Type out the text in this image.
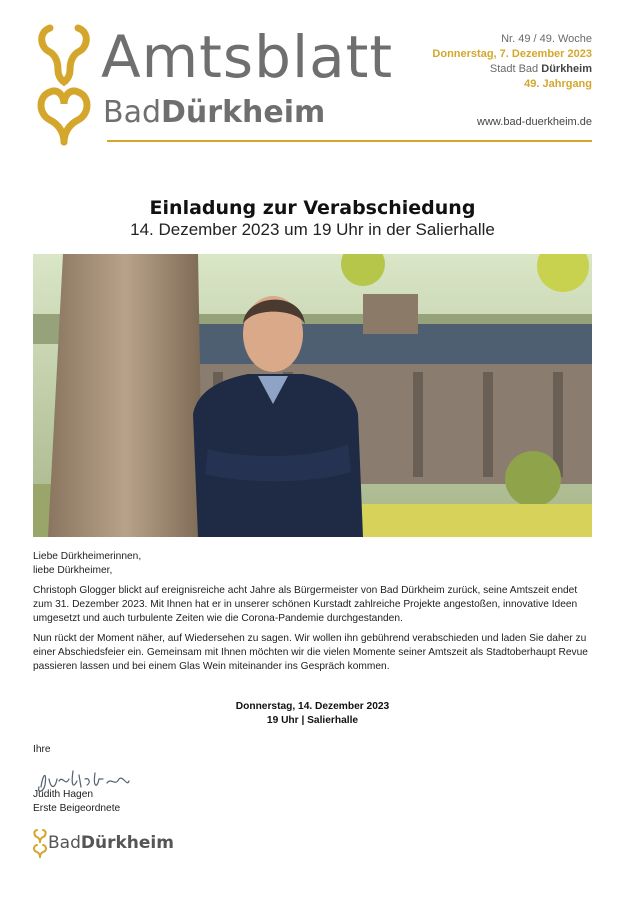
Amtsblatt
BadDürkheim
Nr. 49 / 49. Woche
Donnerstag, 7. Dezember 2023
Stadt Bad Dürkheim
49. Jahrgang
www.bad-duerkheim.de
Einladung zur Verabschiedung
14. Dezember 2023 um 19 Uhr in der Salierhalle

Liebe Dürkheimerinnen,
liebe Dürkheimer,

Christoph Glogger blickt auf ereignisreiche acht Jahre als Bürgermeister von Bad Dürkheim zurück, seine Amtszeit endet zum 31. Dezember 2023. Mit Ihnen hat er in unserer schönen Kurstadt zahlreiche Projekte angestoßen, innovative Ideen umgesetzt und auch turbulente Zeiten wie die Corona-Pandemie durchgestanden.

Nun rückt der Moment näher, auf Wiedersehen zu sagen. Wir wollen ihn gebührend verabschieden und laden Sie daher zu einer Abschiedsfeier ein. Gemeinsam mit Ihnen möchten wir die vielen Momente seiner Amtszeit als Stadtoberhaupt Revue passieren lassen und bei einem Glas Wein miteinander ins Gespräch kommen.

Donnerstag, 14. Dezember 2023
19 Uhr | Salierhalle
Ihre
Judith Hagen
Erste Beigeordnete
BadDürkheim
